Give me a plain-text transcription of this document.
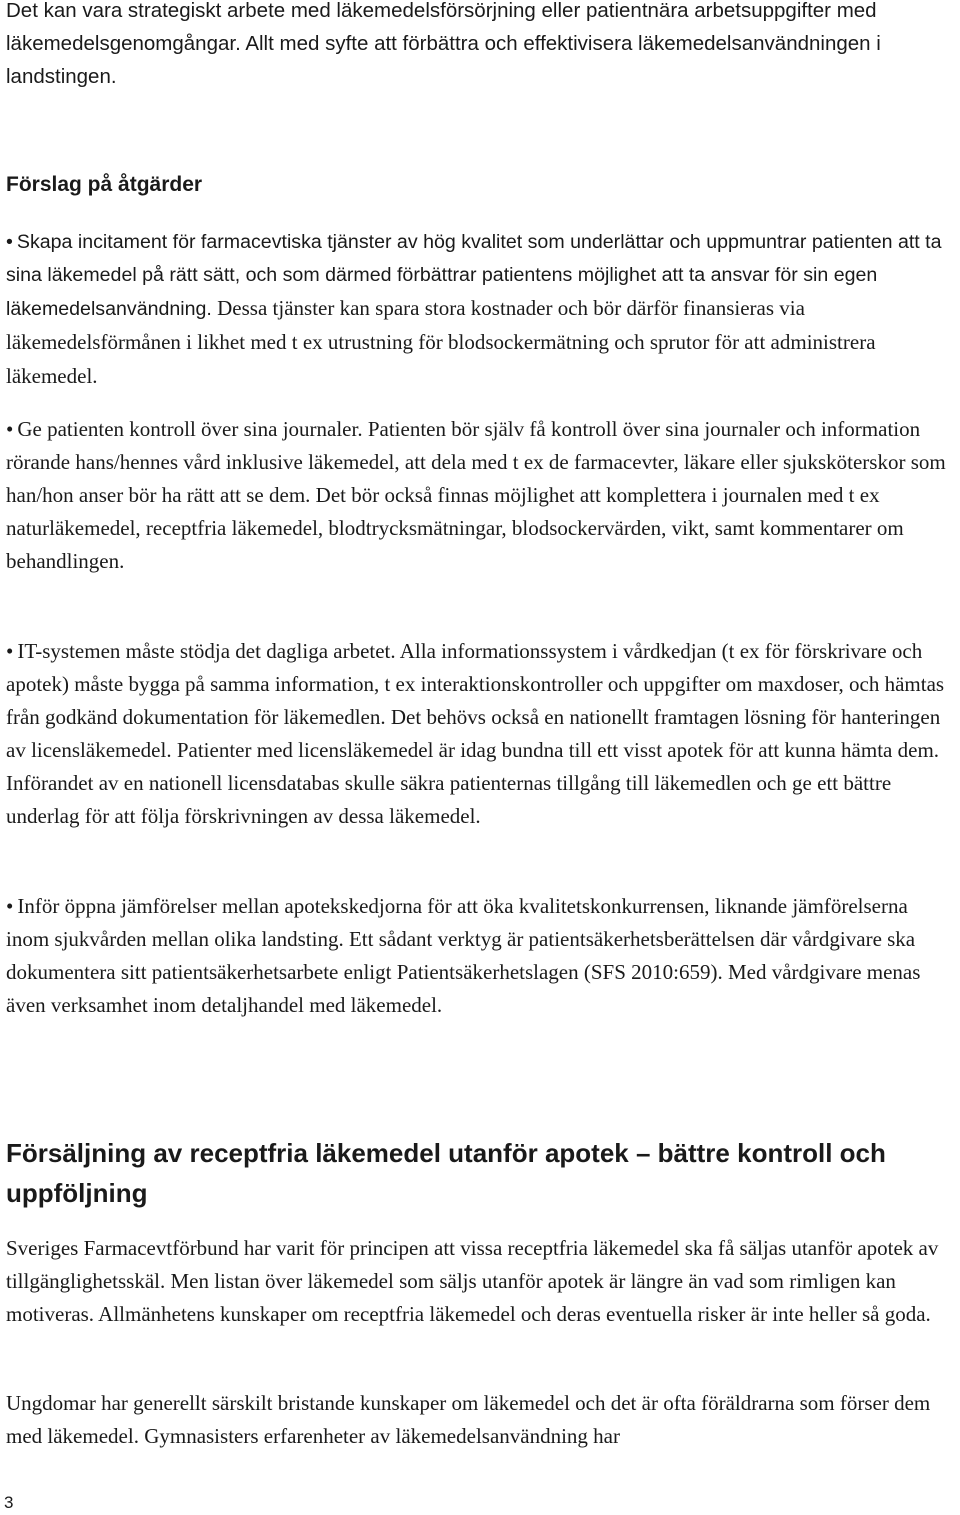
Det kan vara strategiskt arbete med läkemedelsförsörjning eller patientnära arbetsuppgifter med läkemedelsgenomgångar. Allt med syfte att förbättra och effektivisera läkemedelsanvändningen i landstingen.

Förslag på åtgärder

• Skapa incitament för farmacevtiska tjänster av hög kvalitet som underlättar och uppmuntrar patienten att ta sina läkemedel på rätt sätt, och som därmed förbättrar patientens möjlighet att ta ansvar för sin egen läkemedelsanvändning. Dessa tjänster kan spara stora kostnader och bör därför finansieras via läkemedelsförmånen i likhet med t ex utrustning för blodsockermätning och sprutor för att administrera läkemedel.

• Ge patienten kontroll över sina journaler. Patienten bör själv få kontroll över sina journaler och information rörande hans/hennes vård inklusive läkemedel, att dela med t ex de farmacevter, läkare eller sjuksköterskor som han/hon anser bör ha rätt att se dem. Det bör också finnas möjlighet att komplettera i journalen med t ex naturläkemedel, receptfria läkemedel, blodtrycksmätningar, blodsockervärden, vikt, samt kommentarer om behandlingen.

• IT-systemen måste stödja det dagliga arbetet. Alla informationssystem i vårdkedjan (t ex för förskrivare och apotek) måste bygga på samma information, t ex interaktionskontroller och uppgifter om maxdoser, och hämtas från godkänd dokumentation för läkemedlen. Det behövs också en nationellt framtagen lösning för hanteringen av licensläkemedel. Patienter med licensläkemedel är idag bundna till ett visst apotek för att kunna hämta dem. Införandet av en nationell licensdatabas skulle säkra patienternas tillgång till läkemedlen och ge ett bättre underlag för att följa förskrivningen av dessa läkemedel.

• Inför öppna jämförelser mellan apotekskedjorna för att öka kvalitetskonkurrensen, liknande jämförelserna inom sjukvården mellan olika landsting. Ett sådant verktyg är patientsäkerhetsberättelsen där vårdgivare ska dokumentera sitt patientsäkerhetsarbete enligt Patientsäkerhetslagen (SFS 2010:659). Med vårdgivare menas även verksamhet inom detaljhandel med läkemedel.

Försäljning av receptfria läkemedel utanför apotek – bättre kontroll och uppföljning

Sveriges Farmacevtförbund har varit för principen att vissa receptfria läkemedel ska få säljas utanför apotek av tillgänglighetsskäl. Men listan över läkemedel som säljs utanför apotek är längre än vad som rimligen kan motiveras. Allmänhetens kunskaper om receptfria läkemedel och deras eventuella risker är inte heller så goda.

Ungdomar har generellt särskilt bristande kunskaper om läkemedel och det är ofta föräldrarna som förser dem med läkemedel. Gymnasisters erfarenheter av läkemedelsanvändning har

3
